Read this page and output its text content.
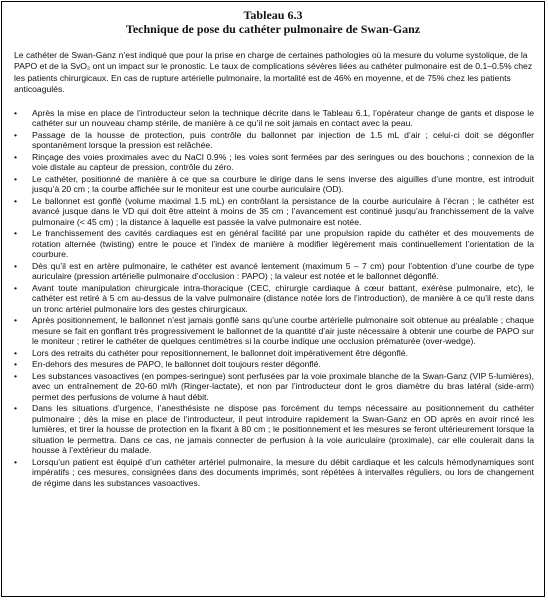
Tableau 6.3
Technique de pose du cathéter pulmonaire de Swan-Ganz

Le cathéter de Swan-Ganz n’est indiqué que pour la prise en charge de certaines pathologies où la mesure du volume systolique, de la PAPO et de la SvO₂ ont un impact sur le pronostic. Le taux de complications sévères liées au cathéter pulmonaire est de 0.1–0.5% chez les patients chirurgicaux. En cas de rupture artérielle pulmonaire, la mortalité est de 46% en moyenne, et de 75% chez les patients anticoagulés.

• Après la mise en place de l’introducteur selon la technique décrite dans le Tableau 6.1, l’opérateur change de gants et dispose le cathéter sur un nouveau champ stérile, de manière à ce qu’il ne soit jamais en contact avec la peau.
• Passage de la housse de protection, puis contrôle du ballonnet par injection de 1.5 mL d’air ; celui-ci doit se dégonfler spontanément lorsque la pression est relâchée.
• Rinçage des voies proximales avec du NaCl 0.9% ; les voies sont fermées par des seringues ou des bouchons ; connexion de la voie distale au capteur de pression, contrôle du zéro.
• Le cathéter, positionné de manière à ce que sa courbure le dirige dans le sens inverse des aiguilles d’une montre, est introduit jusqu’à 20 cm ; la courbe affichée sur le moniteur est une courbe auriculaire (OD).
• Le ballonnet est gonflé (volume maximal 1.5 mL) en contrôlant la persistance de la courbe auriculaire à l’écran ; le cathéter est avancé jusque dans le VD qui doit être atteint à moins de 35 cm ; l’avancement est continué jusqu’au franchissement de la valve pulmonaire (< 45 cm) ; la distance à laquelle est passée la valve pulmonaire est notée.
• Le franchissement des cavités cardiaques est en général facilité par une propulsion rapide du cathéter et des mouvements de rotation alternée (twisting) entre le pouce et l’index de manière à modifier légèrement mais continuellement l’orientation de la courbure.
• Dès qu’il est en artère pulmonaire, le cathéter est avancé lentement (maximum 5 – 7 cm) pour l’obtention d’une courbe de type auriculaire (pression artérielle pulmonaire d’occlusion : PAPO) ; la valeur est notée et le ballonnet dégonflé.
• Avant toute manipulation chirurgicale intra-thoracique (CEC, chirurgie cardiaque à cœur battant, exérèse pulmonaire, etc), le cathéter est retiré à 5 cm au-dessus de la valve pulmonaire (distance notée lors de l’introduction), de manière à ce qu’il reste dans un tronc artériel pulmonaire lors des gestes chirurgicaux.
• Après positionnement, le ballonnet n’est jamais gonflé sans qu’une courbe artérielle pulmonaire soit obtenue au préalable ; chaque mesure se fait en gonflant très progressivement le ballonnet de la quantité d’air juste nécessaire à obtenir une courbe de PAPO sur le moniteur ; retirer le cathéter de quelques centimètres si la courbe indique une occlusion prématurée (over-wedge).
• Lors des retraits du cathéter pour repositionnement, le ballonnet doit impérativement être dégonflé.
• En-dehors des mesures de PAPO, le ballonnet doit toujours rester dégonflé.
• Les substances vasoactives (en pompes-seringue) sont perfusées par la voie proximale blanche de la Swan-Ganz (VIP 5-lumières), avec un entraînement de 20-60 ml/h (Ringer-lactate), et non par l’introducteur dont le gros diamètre du bras latéral (side-arm) permet des perfusions de volume à haut débit.
• Dans les situations d’urgence, l’anesthésiste ne dispose pas forcément du temps nécessaire au positionnement du cathéter pulmonaire ; dès la mise en place de l’introducteur, il peut introduire rapidement la Swan-Ganz en OD après en avoir rincé les lumières, et tirer la housse de protection en la fixant à 80 cm ; le positionnement et les mesures se feront ultérieurement lorsque la situation le permettra. Dans ce cas, ne jamais connecter de perfusion à la voie auriculaire (proximale), car elle coulerait dans la housse à l’extérieur du malade.
• Lorsqu’un patient est équipé d’un cathéter artériel pulmonaire, la mesure du débit cardiaque et les calculs hémodynamiques sont impératifs ; ces mesures, consignées dans des documents imprimés, sont répétées à intervalles réguliers, ou lors de changement de régime dans les substances vasoactives.
